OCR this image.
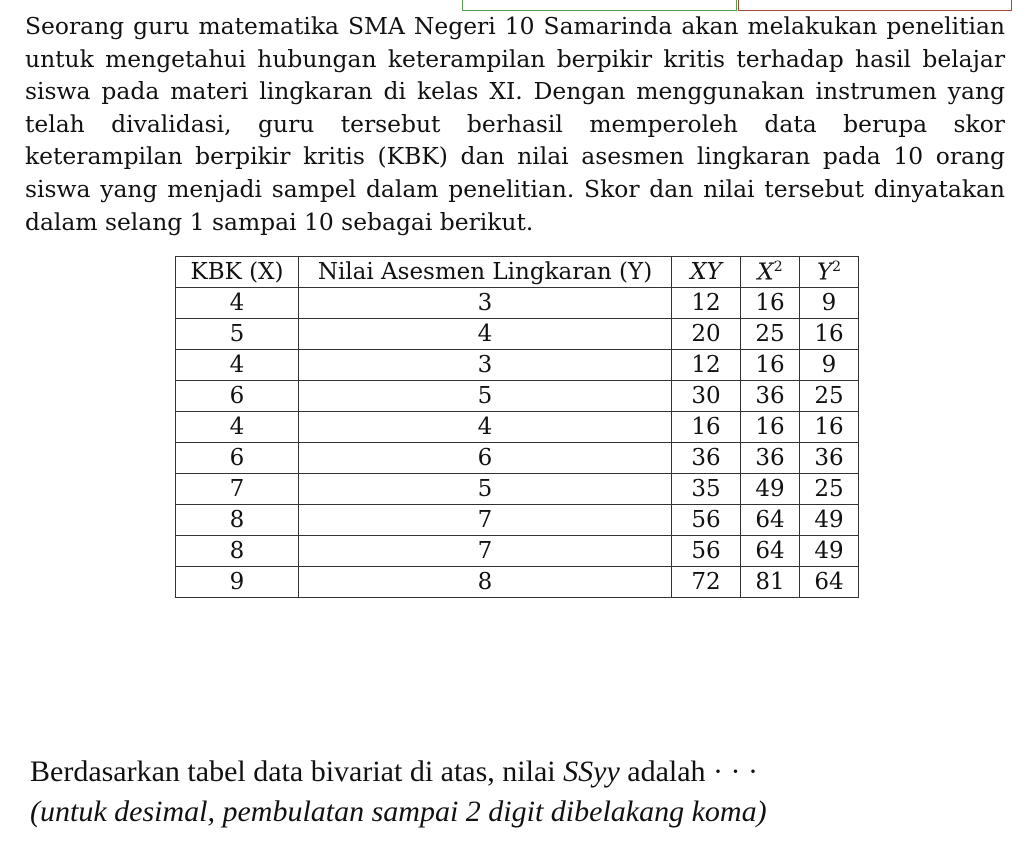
Seorang guru matematika SMA Negeri 10 Samarinda akan melakukan penelitian untuk mengetahui hubungan keterampilan berpikir kritis terhadap hasil belajar siswa pada materi lingkaran di kelas XI. Dengan menggunakan instrumen yang telah divalidasi, guru tersebut berhasil memperoleh data berupa skor keterampilan berpikir kritis (KBK) dan nilai asesmen lingkaran pada 10 orang siswa yang menjadi sampel dalam penelitian. Skor dan nilai tersebut dinyatakan dalam selang 1 sampai 10 sebagai berikut.

KBK (X)	Nilai Asesmen Lingkaran (Y)	XY	$X^2$	$Y^2$
4	3	12	16	9
5	4	20	25	16
4	3	12	16	9
6	5	30	36	25
4	4	16	16	16
6	6	36	36	36
7	5	35	49	25
8	7	56	64	49
8	7	56	64	49
9	8	72	81	64

Berdasarkan tabel data bivariat di atas, nilai SSyy adalah · · ·
(untuk desimal, pembulatan sampai 2 digit dibelakang koma)
